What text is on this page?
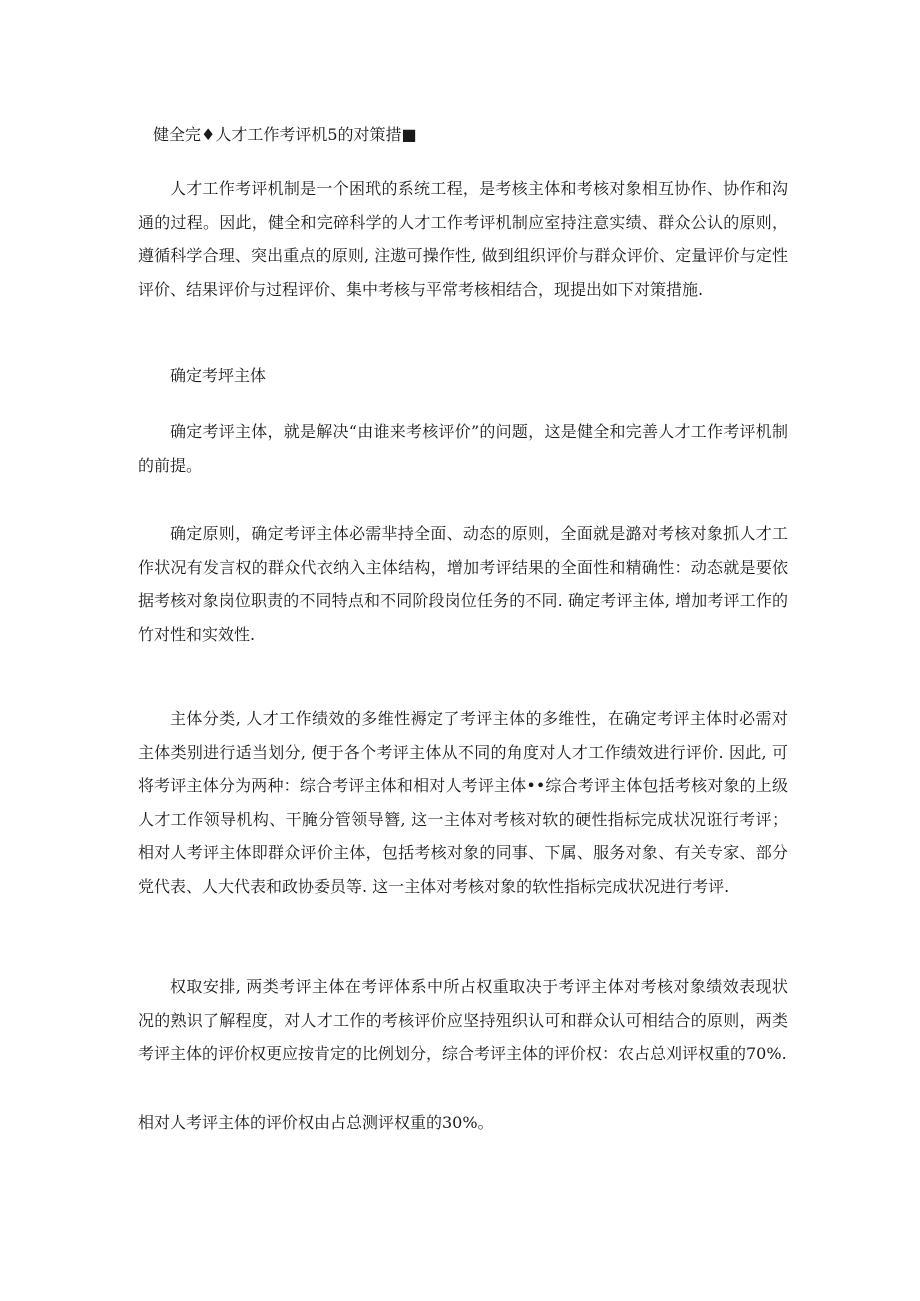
健全完♦人才工作考评机5的对策措■

人才工作考评机制是一个困玳的系统工程，是考核主体和考核对象相互协作、协作和沟通的过程。因此，健全和完碎科学的人才工作考评机制应室持注意实绩、群众公认的原则，遵循科学合理、突出重点的原则, 注遨可操作性, 做到组织评价与群众评价、定量评价与定性评价、结果评价与过程评价、集中考核与平常考核相结合，现提出如下对策措施.

确定考坪主体

确定考评主体，就是解决“由谁来考核评价”的问题，这是健全和完善人才工作考评机制的前提。

确定原则，确定考评主体必需芈持全面、动态的原则，全面就是潞对考核对象抓人才工作状况有发言权的群众代衣纳入主体结构，增加考评结果的全面性和精确性：动态就是要依据考核对象岗位职责的不同特点和不同阶段岗位任务的不同. 确定考评主体, 增加考评工作的竹对性和实效性.

主体分类, 人才工作绩效的多维性褥定了考评主体的多维性，在确定考评主体时必需对主体类别进行适当划分, 便于各个考评主体从不同的角度对人才工作绩效进行评价. 因此, 可将考评主体分为两种：综合考评主体和相对人考评主体••综合考评主体包括考核对象的上级人才工作领导机构、干腌分管领导簪, 这一主体对考核对软的硬性指标完成状况诳行考评；相对人考评主体即群众评价主体，包括考核对象的同事、下属、服务对象、有关专家、部分党代表、人大代表和政协委员等. 这一主体对考核对象的软性指标完成状况进行考评.

权取安排, 两类考评主体在考评体系中所占权重取决于考评主体对考核对象绩效表现状况的熟识了解程度，对人才工作的考核评价应坚持殂织认可和群众认可相结合的原则，两类考评主体的评价权更应按肯定的比例划分，综合考评主体的评价权：农占总刈评权重的70%.

相对人考评主体的评价权由占总测评权重的30%。
